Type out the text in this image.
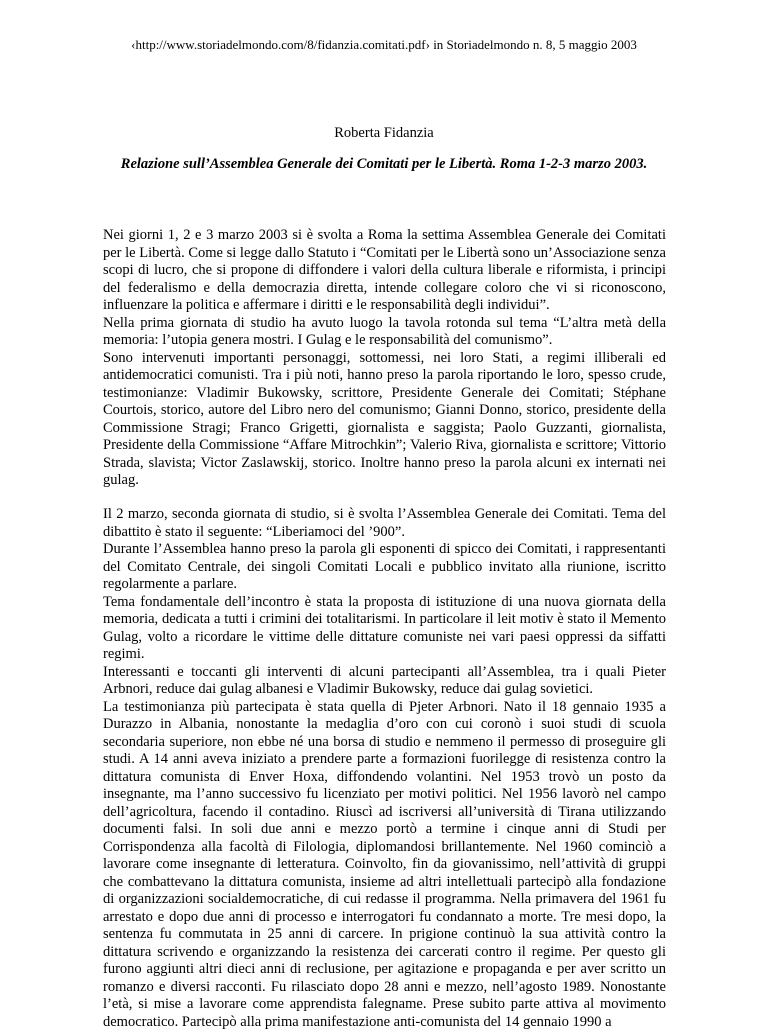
‹http://www.storiadelmondo.com/8/fidanzia.comitati.pdf› in Storiadelmondo n. 8, 5 maggio 2003
Roberta Fidanzia
Relazione sull’Assemblea Generale dei Comitati per le Libertà. Roma 1-2-3 marzo 2003.

Nei giorni 1, 2 e 3 marzo 2003 si è svolta a Roma la settima Assemblea Generale dei Comitati per le Libertà. Come si legge dallo Statuto i “Comitati per le Libertà sono un’Associazione senza scopi di lucro, che si propone di diffondere i valori della cultura liberale e riformista, i principi del federalismo e della democrazia diretta, intende collegare coloro che vi si riconoscono, influenzare la politica e affermare i diritti e le responsabilità degli individui”.

Nella prima giornata di studio ha avuto luogo la tavola rotonda sul tema “L’altra metà della memoria: l’utopia genera mostri. I Gulag e le responsabilità del comunismo”.

Sono intervenuti importanti personaggi, sottomessi, nei loro Stati, a regimi illiberali ed antidemocratici comunisti. Tra i più noti, hanno preso la parola riportando le loro, spesso crude, testimonianze: Vladimir Bukowsky, scrittore, Presidente Generale dei Comitati; Stéphane Courtois, storico, autore del Libro nero del comunismo; Gianni Donno, storico, presidente della Commissione Stragi; Franco Grigetti, giornalista e saggista; Paolo Guzzanti, giornalista, Presidente della Commissione “Affare Mitrochkin”; Valerio Riva, giornalista e scrittore; Vittorio Strada, slavista; Victor Zaslawskij, storico. Inoltre hanno preso la parola alcuni ex internati nei gulag.

Il 2 marzo, seconda giornata di studio, si è svolta l’Assemblea Generale dei Comitati. Tema del dibattito è stato il seguente: “Liberiamoci del ’900”.

Durante l’Assemblea hanno preso la parola gli esponenti di spicco dei Comitati, i rappresentanti del Comitato Centrale, dei singoli Comitati Locali e pubblico invitato alla riunione, iscritto regolarmente a parlare.

Tema fondamentale dell’incontro è stata la proposta di istituzione di una nuova giornata della memoria, dedicata a tutti i crimini dei totalitarismi. In particolare il leit motiv è stato il Memento Gulag, volto a ricordare le vittime delle dittature comuniste nei vari paesi oppressi da siffatti regimi.

Interessanti e toccanti gli interventi di alcuni partecipanti all’Assemblea, tra i quali Pieter Arbnori, reduce dai gulag albanesi e Vladimir Bukowsky, reduce dai gulag sovietici.

La testimonianza più partecipata è stata quella di Pjeter Arbnori. Nato il 18 gennaio 1935 a Durazzo in Albania, nonostante la medaglia d’oro con cui coronò i suoi studi di scuola secondaria superiore, non ebbe né una borsa di studio e nemmeno il permesso di proseguire gli studi. A 14 anni aveva iniziato a prendere parte a formazioni fuorilegge di resistenza contro la dittatura comunista di Enver Hoxa, diffondendo volantini. Nel 1953 trovò un posto da insegnante, ma l’anno successivo fu licenziato per motivi politici. Nel 1956 lavorò nel campo dell’agricoltura, facendo il contadino. Riuscì ad iscriversi all’università di Tirana utilizzando documenti falsi. In soli due anni e mezzo portò a termine i cinque anni di Studi per Corrispondenza alla facoltà di Filologia, diplomandosi brillantemente. Nel 1960 cominciò a lavorare come insegnante di letteratura. Coinvolto, fin da giovanissimo, nell’attività di gruppi che combattevano la dittatura comunista, insieme ad altri intellettuali partecipò alla fondazione di organizzazioni socialdemocratiche, di cui redasse il programma. Nella primavera del 1961 fu arrestato e dopo due anni di processo e interrogatori fu condannato a morte. Tre mesi dopo, la sentenza fu commutata in 25 anni di carcere. In prigione continuò la sua attività contro la dittatura scrivendo e organizzando la resistenza dei carcerati contro il regime. Per questo gli furono aggiunti altri dieci anni di reclusione, per agitazione e propaganda e per aver scritto un romanzo e diversi racconti. Fu rilasciato dopo 28 anni e mezzo, nell’agosto 1989. Nonostante l’età, si mise a lavorare come apprendista falegname. Prese subito parte attiva al movimento democratico. Partecipò alla prima manifestazione anti-comunista del 14 gennaio 1990 a
